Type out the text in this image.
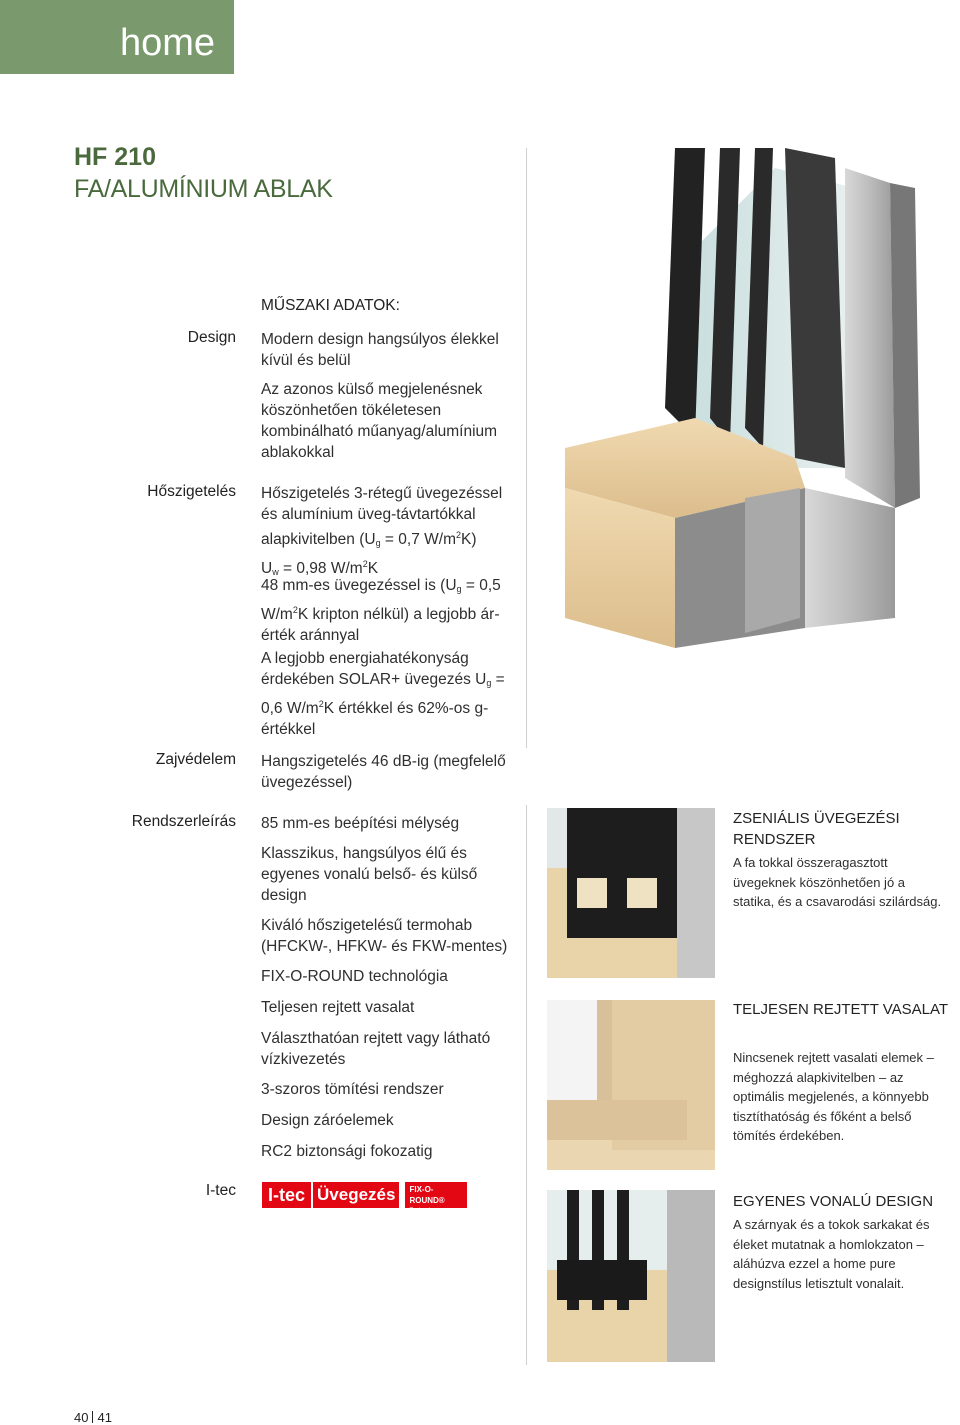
home
HF 210
FA/ALUMÍNIUM ABLAK
MŰSZAKI ADATOK:
Design Modern design hangsúlyos élekkel kívül és belül
Az azonos külső megjelenésnek köszönhetően tökéletesen kombinálható műanyag/alumínium ablakokkal
Hőszigetelés Hőszigetelés 3-rétegű üvegezéssel és alumínium üveg-távtartókkal alapkivitelben ($U_g = 0,7$ $W/m^2K$)
$U_w = 0,98$ $W/m^2K$
48 mm-es üvegezéssel is ($U_g = 0,5$ $W/m^2K$ kripton nélkül) a legjobb ár-érték aránnyal
A legjobb energiahatékonyság érdekében SOLAR+ üvegezés $U_g = 0,6$ $W/m^2K$ értékkel és 62%-os g-értékkel
Zajvédelem Hangszigetelés 46 dB-ig (megfelelő üvegezéssel)
Rendszerleírás 85 mm-es beépítési mélység
Klasszikus, hangsúlyos élű és egyenes vonalú belső- és külső design
Kiváló hőszigetelésű termohab (HFCKW-, HFKW- és FKW-mentes)
FIX-O-ROUND technológia
Teljesen rejtett vasalat
Választhatóan rejtett vagy látható vízkivezetés
3-szoros tömítési rendszer
Design záróelemek
RC2 biztonsági fokozatig
I-tec	I-tec Üvegezés	FIX-O-ROUND®
Technology
ZSENIÁLIS ÜVEGEZÉSI RENDSZER
A fa tokkal összeragasztott üvegeknek köszönhetően jó a statika, és a csavarodási szilárdság.
TELJESEN REJTETT VASALAT
Nincsenek rejtett vasalati elemek – méghozzá alapkivitelben – az optimális megjelenés, a könnyebb tisztíthatóság és főként a belső tömítés érdekében.
EGYENES VONALÚ DESIGN
A szárnyak és a tokok sarkakat és éleket mutatnak a homlokzaton – aláhúzva ezzel a home pure designstílus letisztult vonalait.
40 41
